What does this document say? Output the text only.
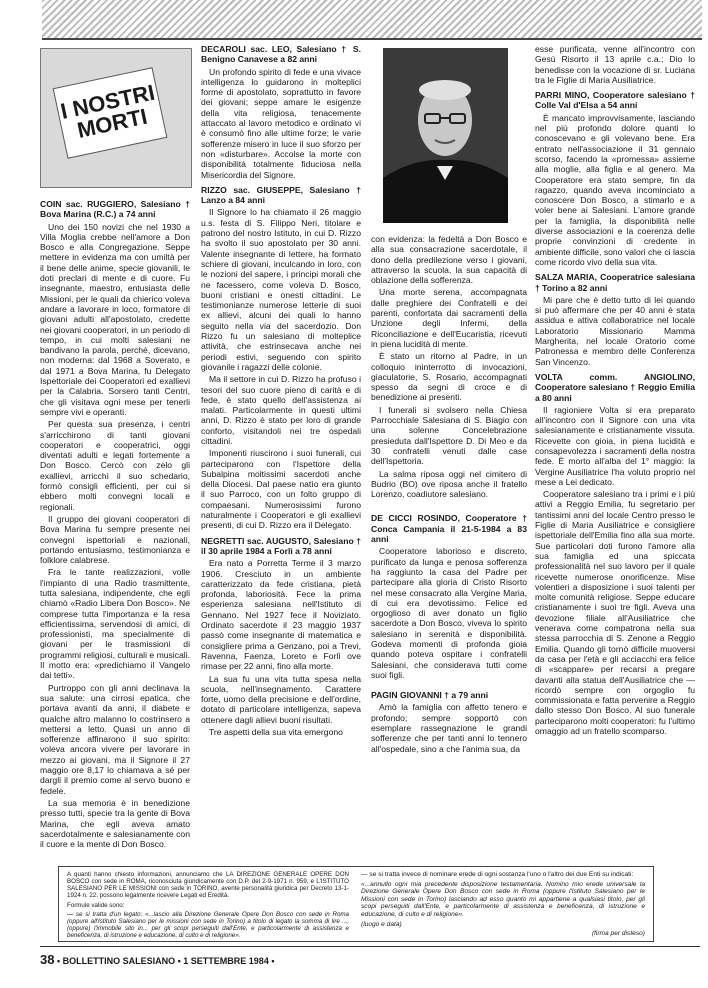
I NOSTRI MORTI

COIN sac. RUGGIERO, Salesiano † Bova Marina (R.C.) a 74 anni

Uno dei 150 novizi che nel 1930 a Villa Moglia crebbe nell'amore a Don Bosco e alla Congregazione. Seppe mettere in evidenza ma con umiltà per il bene delle anime, specie giovanili, le doti preclari di mente e di cuore. Fu insegnante, maestro, entusiasta delle Missioni, per le quali da chierico voleva andare a lavorare in loco, formatore di giovani adulti all'apostolato, credette nei giovani cooperatori, in un periodo di tempo, in cui molti salesiani ne bandivano la parola, perché, dicevano, non moderna: dal 1968 a Soverato, e dal 1971 a Bova Marina, fu Delegato Ispettoriale dei Cooperatori ed exallievi per la Calabria. Sorsero tanti Centri, che gli visitava ogni mese per tenerli sempre vivi e operanti.

Per questa sua presenza, i centri s'arricchirono di tanti giovani cooperatori e cooperatrici, oggi diventati adulti e legati fortemente a Don Bosco. Cercò con zelo gli exallievi, arricchì il suo schedario, formò consigli efficienti, per cui si ebbero molti convegni locali e regionali.

Il gruppo dei giovani cooperatori di Bova Marina fu sempre presente nei convegni ispettoriali e nazionali, portando entusiasmo, testimonianza e folklore calabrese.

Fra le tante realizzazioni, volle l'impianto di una Radio trasmittente, tutta salesiana, indipendente, che egli chiamò «Radio Libera Don Bosco». Ne comprese tutta l'importanza e la resa efficientissima, servendosi di amici, di professionisti, ma specialmente di giovani per le trasmissioni di programmi religiosi, culturali e musicali. Il motto era: «predichiamo il Vangelo dai tetti».

Purtroppo con gli anni declinava la sua salute: una cirrosi epatica, che portava avanti da anni, il diabete e qualche altro malanno lo costrinsero a mettersi a letto. Quasi un anno di sofferenze affinarono il suo spirito: voleva ancora vivere per lavorare in mezzo ai giovani, ma il Signore il 27 maggio ore 8,17 lo chiamava a sé per dargli il premio come al servo buono e fedele.

La sua memoria è in benedizione presso tutti, specie tra la gente di Bova Marina, che egli aveva amato sacerdotalmente e salesianamente con il cuore e la mente di Don Bosco.

DECAROLI sac. LEO, Salesiano † S. Benigno Canavese a 82 anni

Un profondo spirito di fede e una vivace intelligenza lo guidarono in molteplici forme di apostolato, soprattutto in favore dei giovani; seppe amare le esigenze della vita religiosa, tenacemente attaccato al lavoro metodico e ordinato vi è consumò fino alle ultime forze; le varie sofferenze misero in luce il suo sforzo per non «disturbare». Accolse la morte con disponibilità totalmente fiduciosa nella Misericordia del Signore.

RIZZO sac. GIUSEPPE, Salesiano † Lanzo a 84 anni

Il Signore lo ha chiamato il 26 maggio u.s. festa di S. Filippo Neri, titolare e patrono del nostro Istituto, in cui D. Rizzo ha svolto il suo apostolato per 30 anni. Valente insegnante di lettere, ha formato schiere di giovani, inculcando in loro, con le nozioni del sapere, i principi morali che ne facessero, come voleva D. Bosco, buoni cristiani e onesti cittadini. Le testimonianze numerose letterie di suoi ex allievi, alcuni dei quali lo hanno seguito nella via del sacerdozio. Don Rizzo fu un salesiano di molteplice attività, che estrinsecava anche nei periodi estivi, seguendo con spirito giovanile i ragazzi delle colonie.

Ma il settore in cui D. Rizzo ha profuso i tesori del suo cuore pieno di carità e di fede, è stato quello dell'assistenza ai malati. Particolarmente in questi ultimi anni, D. Rizzo è stato per loro di grande conforto, visitandoli nei tre ospedali cittadini.

Imponenti riuscirono i suoi funerali, cui parteciparono con l'Ispettore della Subalpina moltissimi sacerdoti anche della Diocesi. Dal paese natìo era giunto il suo Parroco, con un folto gruppo di compaesani. Numerosissimi furono naturalmente i Cooperatori e gli exallievi presenti, di cui D. Rizzo era il Delegato.

NEGRETTI sac. AUGUSTO, Salesiano † il 30 aprile 1984 a Forlì a 78 anni

Era nato a Porretta Terme il 3 marzo 1906. Cresciuto in un ambiente caratterizzato da fede cristiana, pietà profonda, laboriosità. Fece la prima esperienza salesiana nell'Istituto di Gennano. Nel 1927 fece il Noviziato. Ordinato sacerdote il 23 maggio 1937 passò come insegnante di matematica e consigliere prima a Genzano, poi a Trevi, Ravenna, Faenza, Loreto e Forlì ove rimase per 22 anni, fino alla morte.

La sua fu una vita tutta spesa nella scuola, nell'insegnamento. Carattere forte, uomo della precisione e dell'ordine, dotato di particolare intelligenza, sapeva ottenere dagli allievi buoni risultati.

Tre aspetti della sua vita emergono

con evidenza: la fedeltà a Don Bosco e alla sua consacrazione sacerdotale, il dono della predilezione verso i giovani, attraverso la scuola, la sua capacità di oblazione della sofferenza.

Una morte serena, accompagnata dalle preghiere dei Confratelli e dei parenti, confortata dai sacramenti della Unzione degli Infermi, della Riconciliazione e dell'Eucaristia, ricevuti in piena lucidità di mente.

È stato un ritorno al Padre, in un colloquio ininterrotto di invocazioni, giaculatorie, S. Rosario, accompagnati spesso da segni di croce e di benedizione ai presenti.

I funerali si svolsero nella Chiesa Parrocchiale Salesiana di S. Biagio con una solenne Concelebrazione presieduta dall'Ispettore D. Di Meo e da 30 confratelli venuti dalle case dell'Ispettoria.

La salma riposa oggi nel cimitero di Budrio (BO) ove riposa anche il fratello Lorenzo, coadiutore salesiano.

DE CICCI ROSINDO, Cooperatore † Conca Campania il 21-5-1984 a 83 anni

Cooperatore laborioso e discreto, purificato da lunga e penosa sofferenza ha raggiunto la casa del Padre per partecipare alla gloria di Cristo Risorto nel mese consacrato alla Vergine Maria, di cui era devotissimo. Felice ed orgoglioso di aver donato un figlio sacerdote a Don Bosco, viveva lo spirito salesiano in serenità e disponibilità. Godeva momenti di profonda gioia quando poteva ospitare i confratelli Salesiani, che considerava tutti come suoi figli.

PAGIN GIOVANNI † a 79 anni

Amò la famiglia con affetto tenero e profondo; sempre sopportò con esemplare rassegnazione le grandi sofferenze che per tanti anni lo tennero all'ospedale, sino a che l'anima sua, da

esse purificata, venne all'incontro con Gesù Risorto il 13 aprile c.a.; Dio lo benedisse con la vocazione di sr. Luciana tra le Figlie di Maria Ausiliatrice.

PARRI MINO, Cooperatore salesiano † Colle Val d'Elsa a 54 anni

È mancato improvvisamente, lasciando nel più profondo dolore quanti lo conoscevano e gli volevano bene. Era entrato nell'associazione il 31 gennaio scorso, facendo la «promessa» assieme alla moglie, alla figlia e al genero. Ma Cooperatore era stato sempre, fin da ragazzo, quando aveva incominciato a conoscere Don Bosco, a stimarlo e a voler bene ai Salesiani. L'amore grande per la famiglia, la disponibilità nelle diverse associazioni e la coerenza delle proprie convinzioni di credente in ambiente difficile, sono valori che ci lascia come ricordo vivo della sua vita.

SALZA MARIA, Cooperatrice salesiana † Torino a 82 anni

Mi pare che è detto tutto di lei quando si può affermare che per 40 anni è stata assidua e attiva collaboratrice nel locale Laboratorio Missionario Mamma Margherita, nel locale Oratorio come Patronessa e membro delle Conferenza San Vincenzo.

VOLTA comm. ANGIOLINO, Cooperatore salesiano † Reggio Emilia a 80 anni

Il ragioniere Volta si era preparato all'incontro con il Signore con una vita salesianamente e cristianamente vissuta. Ricevette con gioia, in piena lucidità e consapevolezza i sacramenti della nostra fede. È morto all'alba del 1° maggio: la Vergine Ausiliatrice l'ha voluto proprio nel mese a Lei dedicato.

Cooperatore salesiano tra i primi e i più attivi a Reggio Emilia, fu segretario per tantissimi anni del locale Centro presso le Figlie di Maria Ausiliatrice e consigliere ispettoriale dell'Emilia fino alla sua morte. Sue particolari doti furono l'amore alla sua famiglia ed una spiccata professionalità nel suo lavoro per il quale ricevette numerose onorificenze. Mise volentieri a disposizione i suoi talenti per molte comunità religiose. Seppe educare cristianamente i suoi tre figli. Aveva una devozione filiale all'Ausiliatrice che venerava come compatrona nella sua stessa parrocchia di S. Zenone a Reggio Emilia. Quando gli tornò difficile muoversi da casa per l'età e gli acciacchi era felice di «scappare» per recarsi a pregare davanti alla statua dell'Ausiliatrice che — ricordò sempre con orgoglio fu commissionata e fatta pervenire a Reggio dallo stesso Don Bosco. Al suo funerale parteciparono molti cooperatori: fu l'ultimo omaggio ad un fratello scomparso.

A quanti hanno chiesto informazioni, annunciamo che LA DIREZIONE GENERALE OPERE DON BOSCO con sede in ROMA, riconosciuta giuridicamente con D.P. del 2-9-1971 n. 959, e L'ISTITUTO SALESIANO PER LE MISSIONI con sede in TORINO, avente personalità giuridica per Decreto 13-1-1924 n. 22, possono legalmente ricevere Legati ed Eredità.

Formule valide sono:

— se si tratta d'un legato: «...lascio alla Direzione Generale Opere Don Bosco con sede in Roma (oppure all'Istituto Salesiano per le missioni con sede in Torino) a titolo di legato la somma di lire ..., (oppure) l'immobile sito in... per gli scopi perseguiti dall'Ente, e particolarmente di assistenza e beneficenza, di istruzione e educazione, di culto e di religione».

— se si tratta invece di nominare erede di ogni sostanza l'uno o l'altro dei due Enti su indicati:

«...annullo ogni mia precedente disposizione testamentaria. Nomino mio erede universale la Direzione Generale Opere Don Bosco con sede in Roma (oppure l'Istituto Salesiano per le Missioni con sede in Torino) lasciando ad esso quanto mi appartiene a qualsiasi titolo, per gli scopi perseguiti dall'Ente, e particolarmente di assistenza e beneficenza, di istruzione e educazione, di culto e di religione».

(luogo e data)

(firma per disteso)

38 • BOLLETTINO SALESIANO • 1 SETTEMBRE 1984 •
